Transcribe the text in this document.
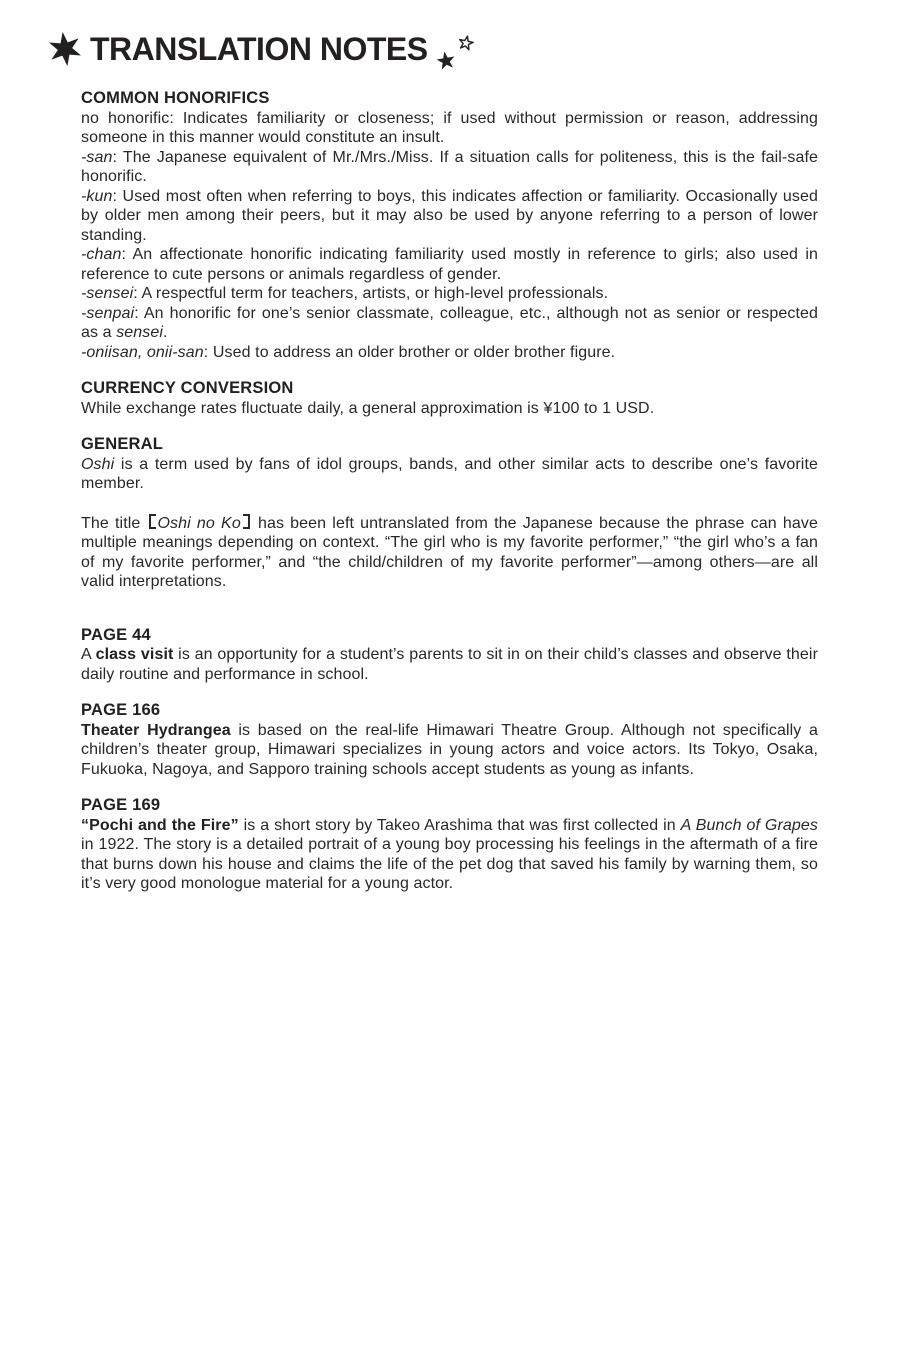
TRANSLATION NOTES
COMMON HONORIFICS

no honorific: Indicates familiarity or closeness; if used without permission or reason, addressing someone in this manner would constitute an insult.

-san: The Japanese equivalent of Mr./Mrs./Miss. If a situation calls for politeness, this is the fail-safe honorific.

-kun: Used most often when referring to boys, this indicates affection or familiarity. Occasionally used by older men among their peers, but it may also be used by anyone referring to a person of lower standing.

-chan: An affectionate honorific indicating familiarity used mostly in reference to girls; also used in reference to cute persons or animals regardless of gender.

-sensei: A respectful term for teachers, artists, or high-level professionals.

-senpai: An honorific for one’s senior classmate, colleague, etc., although not as senior or respected as a sensei.

-oniisan, onii-san: Used to address an older brother or older brother figure.

CURRENCY CONVERSION

While exchange rates fluctuate daily, a general approximation is ¥100 to 1 USD.

GENERAL

Oshi is a term used by fans of idol groups, bands, and other similar acts to describe one’s favorite member.

The title Oshi no Ko has been left untranslated from the Japanese because the phrase can have multiple meanings depending on context. “The girl who is my favorite performer,” “the girl who’s a fan of my favorite performer,” and “the child/children of my favorite performer”—among others—are all valid interpretations.

PAGE 44

A class visit is an opportunity for a student’s parents to sit in on their child’s classes and observe their daily routine and performance in school.

PAGE 166

Theater Hydrangea is based on the real-life Himawari Theatre Group. Although not specifically a children’s theater group, Himawari specializes in young actors and voice actors. Its Tokyo, Osaka, Fukuoka, Nagoya, and Sapporo training schools accept students as young as infants.

PAGE 169

“Pochi and the Fire” is a short story by Takeo Arashima that was first collected in A Bunch of Grapes in 1922. The story is a detailed portrait of a young boy processing his feelings in the aftermath of a fire that burns down his house and claims the life of the pet dog that saved his family by warning them, so it’s very good monologue material for a young actor.
